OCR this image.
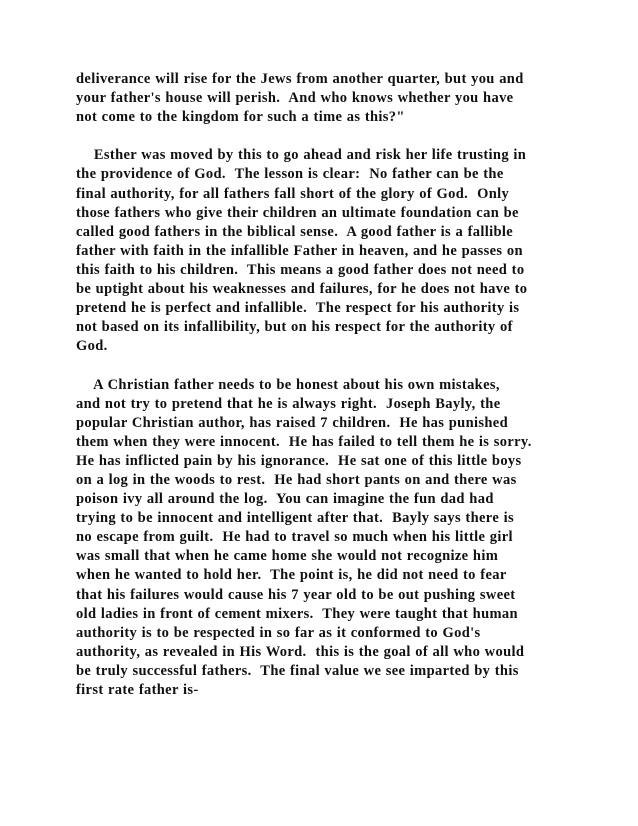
deliverance will rise for the Jews from another quarter, but you and
your father's house will perish.  And who knows whether you have
not come to the kingdom for such a time as this?"
Esther was moved by this to go ahead and risk her life trusting in
the providence of God.  The lesson is clear:  No father can be the
final authority, for all fathers fall short of the glory of God.  Only
those fathers who give their children an ultimate foundation can be
called good fathers in the biblical sense.  A good father is a fallible
father with faith in the infallible Father in heaven, and he passes on
this faith to his children.  This means a good father does not need to
be uptight about his weaknesses and failures, for he does not have to
pretend he is perfect and infallible.  The respect for his authority is
not based on its infallibility, but on his respect for the authority of
God.
A Christian father needs to be honest about his own mistakes,
and not try to pretend that he is always right.  Joseph Bayly, the
popular Christian author, has raised 7 children.  He has punished
them when they were innocent.  He has failed to tell them he is sorry.
He has inflicted pain by his ignorance.  He sat one of this little boys
on a log in the woods to rest.  He had short pants on and there was
poison ivy all around the log.  You can imagine the fun dad had
trying to be innocent and intelligent after that.  Bayly says there is
no escape from guilt.  He had to travel so much when his little girl
was small that when he came home she would not recognize him
when he wanted to hold her.  The point is, he did not need to fear
that his failures would cause his 7 year old to be out pushing sweet
old ladies in front of cement mixers.  They were taught that human
authority is to be respected in so far as it conformed to God's
authority, as revealed in His Word.  this is the goal of all who would
be truly successful fathers.  The final value we see imparted by this
first rate father is-
